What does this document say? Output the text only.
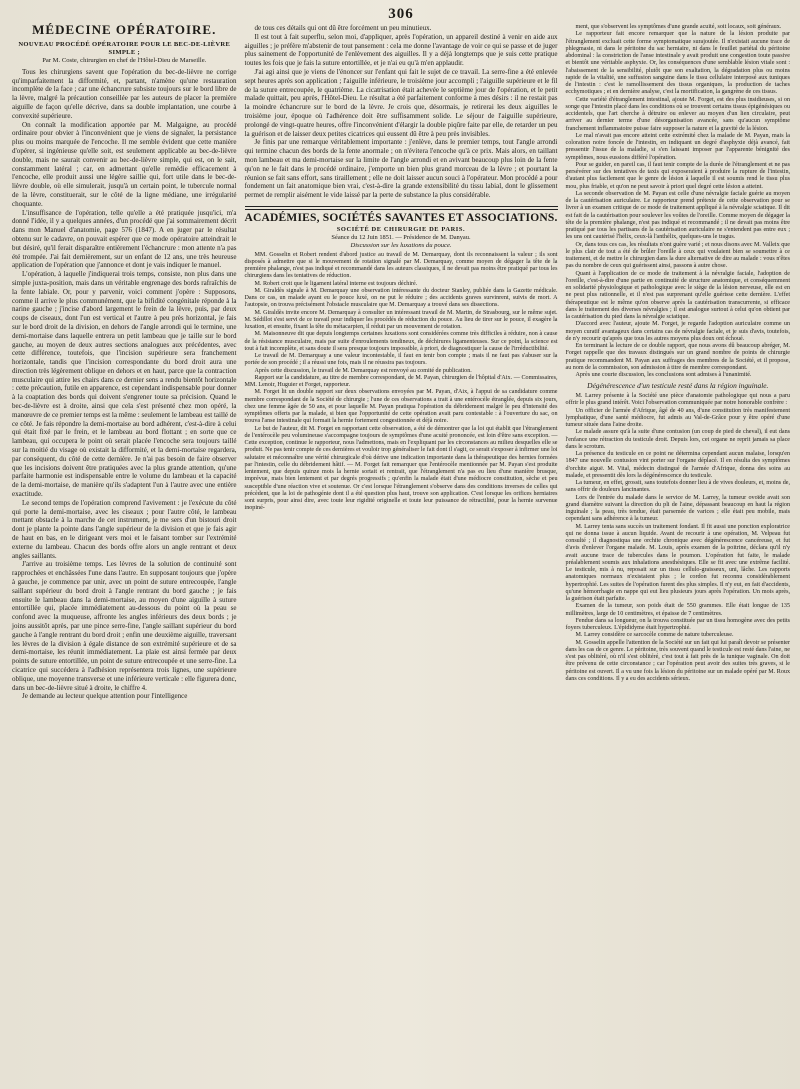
306
MÉDECINE OPÉRATOIRE.
NOUVEAU PROCÉDÉ OPÉRATOIRE POUR LE BEC-DE-LIÈVRE SIMPLE ;
Par M. Coste, chirurgien en chef de l'Hôtel-Dieu de Marseille.

Tous les chirurgiens savent que l'opération du bec-de-lièvre ne corrige qu'imparfaitement la difformité, et, partant, n'amène qu'une restauration incomplète de la face ; car une échancrure subsiste toujours sur le bord libre de la lèvre, malgré la précaution conseillée par les auteurs de placer la première aiguille de façon qu'elle décrive, dans sa double implantation, une courbe à convexité supérieure.

On connaît la modification apportée par M. Malgaigne, au procédé ordinaire pour obvier à l'inconvénient que je viens de signaler, la persistance plus ou moins marquée de l'encoche. Il me semble évident que cette manière d'opérer, si ingénieuse qu'elle soit, est seulement applicable au bec-de-lièvre double, mais ne saurait convenir au bec-de-lièvre simple, qui est, on le sait, constamment latéral ; car, en admettant qu'elle remédie efficacement à l'encoche, elle produit aussi une légère saillie qui, fort utile dans le bec-de-lièvre double, où elle simulerait, jusqu'à un certain point, le tubercule normal de la lèvre, constituerait, sur le côté de la ligne médiane, une irrégularité choquante.

L'insuffisance de l'opération, telle qu'elle a été pratiquée jusqu'ici, m'a donné l'idée, il y a quelques années, d'un procédé que j'ai sommairement décrit dans mon Manuel d'anatomie, page 576 (1847). A en juger par le résultat obtenu sur le cadavre, on pouvait espérer que ce mode opératoire atteindrait le but désiré, qu'il ferait disparaître entièrement l'échancrure : mon attente n'a pas été trompée. J'ai fait dernièrement, sur un enfant de 12 ans, une très heureuse application de l'opération que j'annonce et dont je vais indiquer le manuel.

L'opération, à laquelle j'indiquerai trois temps, consiste, non plus dans une simple juxta-position, mais dans un véritable engrenage des bords rafraîchis de la fente labiale. Or, pour y parvenir, voici comment j'opère : Supposons, comme il arrive le plus communément, que la bifidité congénitale réponde à la narine gauche ; j'incise d'abord largement le frein de la lèvre, puis, par deux coups de ciseaux, dont l'un est vertical et l'autre à peu près horizontal, je fais sur le bord droit de la division, en dehors de l'angle arrondi qui le termine, une demi-mortaise dans laquelle entrera un petit lambeau que je taille sur le bord gauche, au moyen de deux autres sections analogues aux précédentes, avec cette différence, toutefois, que l'incision supérieure sera franchement horizontale, tandis que l'incision correspondante du bord droit aura une direction très légèrement oblique en dehors et en haut, parce que la contraction musculaire qui attire les chairs dans ce dernier sens a rendu bientôt horizontale : cette précaution, futile en apparence, est cependant indispensable pour donner à la coaptation des bords qui doivent s'engrener toute sa précision. Quand le bec-de-lièvre est à droite, ainsi que cela s'est présenté chez mon opéré, la manœuvre de ce premier temps est la même : seulement le lambeau est taillé de ce côté. Je fais répondre la demi-mortaise au bord adhérent, c'est-à-dire à celui qui était fixé par le frein, et le lambeau au bord flottant ; en sorte que ce lambeau, qui occupera le point où serait placée l'encoche sera toujours taillé sur la moitié du visage où existait la difformité, et la demi-mortaise regardera, par conséquent, du côté de cette dernière. Je n'ai pas besoin de faire observer que les incisions doivent être pratiquées avec la plus grande attention, qu'une parfaite harmonie est indispensable entre le volume du lambeau et la capacité de la demi-mortaise, de manière qu'ils s'adaptent l'un à l'autre avec une entière exactitude.

Le second temps de l'opération comprend l'avivement : je l'exécute du côté qui porte la demi-mortaise, avec les ciseaux ; pour l'autre côté, le lambeau mettant obstacle à la marche de cet instrument, je me sers d'un bistouri droit dont je plante la pointe dans l'angle supérieur de la division et que je fais agir de haut en bas, en le dirigeant vers moi et le faisant tomber sur l'extrémité externe du lambeau. Chacun des bords offre alors un angle rentrant et deux angles saillants.

J'arrive au troisième temps. Les lèvres de la solution de continuité sont rapprochées et enchâssées l'une dans l'autre. En supposant toujours que j'opère à gauche, je commence par unir, avec un point de suture entrecoupée, l'angle saillant supérieur du bord droit à l'angle rentrant du bord gauche ; je fais ensuite le lambeau dans la demi-mortaise, au moyen d'une aiguille à suture entortillée qui, placée immédiatement au-dessous du point où la peau se confond avec la muqueuse, affronte les angles inférieurs des deux bords ; je joins aussitôt après, par une pince serre-fine, l'angle saillant supérieur du bord gauche à l'angle rentrant du bord droit ; enfin une deuxième aiguille, traversant les lèvres de la division à égale distance de son extrémité supérieure et de sa demi-mortaise, les réunit immédiatement. La plaie est ainsi fermée par deux points de suture entortillée, un point de suture entrecoupée et une serre-fine. La cicatrice qui succédera à l'adhésion représentera trois lignes, une supérieure oblique, une moyenne transverse et une inférieure verticale : elle figurera donc, dans un bec-de-lièvre situé à droite, le chiffre 4.

Je demande au lecteur quelque attention pour l'intelligence

de tous ces détails qui ont dû être forcément un peu minutieux.

Il est tout à fait superflu, selon moi, d'appliquer, après l'opération, un appareil destiné à venir en aide aux aiguilles ; je préfère m'abstenir de tout pansement : cela me donne l'avantage de voir ce qui se passe et de juger plus sainement de l'opportunité de l'enlèvement des aiguilles. Il y a déjà longtemps que je suis cette pratique toutes les fois que je fais la suture entortillée, et je n'ai eu qu'à m'en applaudir.

J'ai agi ainsi que je viens de l'énoncer sur l'enfant qui fait le sujet de ce travail. La serre-fine a été enlevée sept heures après son application ; l'aiguille inférieure, le troisième jour accompli ; l'aiguille supérieure et le fil de la suture entrecoupée, le quatrième. La cicatrisation était achevée le septième jour de l'opération, et le petit malade quittait, peu après, l'Hôtel-Dieu. Le résultat a été parfaitement conforme à mes désirs : il ne restait pas la moindre échancrure sur le bord de la lèvre. Je crois que, désormais, je retirerai les deux aiguilles le troisième jour, époque où l'adhérence doit être suffisamment solide. Le séjour de l'aiguille supérieure, prolongé de vingt-quatre heures, offre l'inconvénient d'élargir la double piqûre faite par elle, de retarder un peu la guérison et de laisser deux petites cicatrices qui eussent dû être à peu près invisibles.

Je finis par une remarque véritablement importante : j'enlève, dans le premier temps, tout l'angle arrondi qui termine chacun des bords de la fente anormale ; on n'évitera l'encoche qu'à ce prix. Mais alors, en taillant mon lambeau et ma demi-mortaise sur la limite de l'angle arrondi et en avivant beaucoup plus loin de la fente qu'on ne le fait dans le procédé ordinaire, j'emporte un bien plus grand morceau de la lèvre ; et pourtant la réunion se fait sans effort, sans tiraillement ; elle ne doit laisser aucun souci à l'opérateur. Mon procédé a pour fondement un fait anatomique bien vrai, c'est-à-dire la grande extensibilité du tissu labial, dont le glissement permet de remplir aisément le vide laissé par la perte de substance la plus considérable.

ACADÉMIES, SOCIÉTÉS SAVANTES ET ASSOCIATIONS.
SOCIÉTÉ DE CHIRURGIE DE PARIS.
Séance du 12 Juin 1851. — Présidence de M. Danyau.
Discussion sur les luxations du pouce.

MM. Gosselin et Robert rendent d'abord justice au travail de M. Demarquay, dont ils reconnaissent la valeur ; ils sont disposés à admettre que si le mouvement de rotation signalé par M. Demarquay, comme moyen de dégager la tête de la première phalange, n'est pas indiqué et recommandé dans les auteurs classiques, il ne devait pas moins être pratiqué par tous les chirurgiens dans les tentatives de réduction.

M. Robert croit que le ligament latéral interne est toujours déchiré.

M. Giraldès signale à M. Demarquay une observation intéressante du docteur Stanley, publiée dans la Gazette médicale. Dans ce cas, un malade ayant eu le pouce luxé, on ne put le réduire ; des accidents graves survinrent, suivis de mort. A l'autopsie, on trouva précisément l'obstacle musculaire que M. Demarquay a trouvé dans ses dissections.

M. Giraldès invite encore M. Demarquay à consulter un intéressant travail de M. Martin, de Strasbourg, sur le même sujet. M. Sédillot s'est servi de ce travail pour indiquer les procédés de réduction du pouce. Au lieu de tirer sur le pouce, il exagère la luxation, et ensuite, fixant la tête du métacarpien, il réduit par un mouvement de rotation.

M. Maisonneuve dit que depuis longtemps certaines luxations sont considérées comme très difficiles à réduire, non à cause de la résistance musculaire, mais par suite d'enroulements tendineux, de déchirures ligamenteuses. Sur ce point, la science est tout à fait incomplète, et sans doute il sera presque toujours impossible, à priori, de diagnostiquer la cause de l'irréductibilité.

Le travail de M. Demarquay a une valeur incontestable, il faut en tenir bon compte ; mais il ne faut pas s'abuser sur la portée de son procédé ; il a réussi une fois, mais il ne réussira pas toujours.

Après cette discussion, le travail de M. Demarquay est renvoyé au comité de publication.

Rapport sur la candidature, au titre de membre correspondant, de M. Payan, chirurgien de l'hôpital d'Aix. — Commissaires, MM. Lenoir, Huguier et Forget, rapporteur.

M. Forget lit un double rapport sur deux observations envoyées par M. Payan, d'Aix, à l'appui de sa candidature comme membre correspondant de la Société de chirurgie ; l'une de ces observations a trait à une entérocèle étranglée, depuis six jours, chez une femme âgée de 50 ans, et pour laquelle M. Payan pratiqua l'opération du débridement malgré le peu d'intensité des symptômes offerts par la malade, si bien que l'opportunité de cette opération avait paru contestable : à l'ouverture du sac, on trouva l'anse intestinale qui formait la hernie fortement congestionnée et déjà noire.

Le but de l'auteur, dit M. Forget en rapportant cette observation, a été de démontrer que la loi qui établit que l'étranglement de l'entérocèle peu volumineuse s'accompagne toujours de symptômes d'une acuité prononcée, est loin d'être sans exception. — Cette exception, continue le rapporteur, nous l'admettons, mais en l'expliquant par les circonstances au milieu desquelles elle se produit. Ne pas tenir compte de ces dernières et vouloir trop généraliser le fait dont il s'agit, ce serait s'exposer à infirmer une loi salutaire et méconnaître une vérité chirurgicale d'où dérive une indication importante dans la thérapeutique des hernies formées par l'intestin, celle du débridement hâtif. — M. Forget fait remarquer que l'entérocèle mentionnée par M. Payan s'est produite lentement, que depuis quinze mois la hernie sortait et rentrait, que l'étranglement n'a pas eu lieu d'une manière brusque, imprévue, mais bien lentement et par degrés progressifs ; qu'enfin la malade était d'une médiocre constitution, sèche et peu susceptible d'une réaction vive et soutenue. Or c'est lorsque l'étranglement s'observe dans des conditions inverses de celles qui précèdent, que la loi de pathogénie dont il a été question plus haut, trouve son application. C'est lorsque les orifices herniaires sont surpris, pour ainsi dire, avec toute leur rigidité originelle et toute leur puissance de rétractilité, pour la hernie survenue inopiné-

ment, que s'observent les symptômes d'une grande acuité, soit locaux, soit généraux.

Le rapporteur fait encore remarquer que la nature de la lésion produite par l'étranglement excluait cette forme symptomatique surajoutée. Il n'existait aucune trace de phlegmasie, ni dans le péritoine du sac herniaire, ni dans le feuillet pariétal du péritoine abdominal : la constriction de l'anse intestinale y avait produit une congestion toute passive et bientôt une véritable asphyxie. Or, les conséquences d'une semblable lésion vitale sont : l'abaissement de la sensibilité, plutôt que son exaltation, la dégradation plus ou moins rapide de la vitalité, une suffusion sanguine dans le tissu cellulaire interposé aux tuniques de l'intestin : c'est le ramollissement des tissus organiques, la production de taches ecchymotiques ; et en dernière analyse, c'est la mortification, la gangrène de ces tissus.

Cette variété d'étranglement intestinal, ajoute M. Forget, est des plus insidieuses, si on songe que l'intestin placé dans les conditions où se trouvent certains tissus épigénésiques ou accidentels, que l'art cherche à détruire ou enlever au moyen d'un lien circulaire, peut arriver au dernier terme d'une désorganisation avancée, sans qu'aucun symptôme franchement inflammatoire puisse faire supposer la nature et la gravité de la lésion.

Le mal n'avait pas encore atteint cette extrémité chez la malade de M. Payan, mais la coloration noire foncée de l'intestin, en indiquant un degré d'asphyxie déjà avancé, fait pressentir l'issue de la maladie, si s'en laissant imposer par l'apparente bénignité des symptômes, nous eussions différé l'opération.

Pour se guider, en pareil cas, il faut tenir compte de la durée de l'étranglement et ne pas persévérer sur des tentatives de taxis qui exposeraient à produire la rupture de l'intestin, d'autant plus facilement que le genre de lésion à laquelle il est soumis rend le tissu plus mou, plus friable, et qu'on ne peut savoir à priori quel degré cette lésion a atteint.

La seconde observation de M. Payan est celle d'une névralgie faciale guérie au moyen de la cautérisation auriculaire. Le rapporteur prend prétexte de cette observation pour se livrer à un examen critique de ce mode de traitement appliqué à la névralgie sciatique. Il dit est fait de la cautérisation pour soulever les voûtes de l'oreille. Comme moyen de dégager la tête de la première phalange, n'est pas indiqué et recommandé ; il ne devait pas moins être pratiqué par tous les partisans de la cautérisation auriculaire ne s'entendent pas entre eux ; les uns ont cautérisé l'hélix, ceux-là l'anthélix, quelques-uns le tragus.

Or, dans tous ces cas, les résultats n'ont guère varié ; et nous disons avec M. Valleix que le plus clair de tout a été de brûler l'oreille à ceux qui voulaient bien se soumettre à ce traitement, et de mettre le chirurgien dans la dure alternative de dire au malade : vous n'êtes pas du nombre de ceux qui guérissent ainsi, passons à autre chose.

Quant à l'application de ce mode de traitement à la névralgie faciale, l'adoption de l'oreille, c'est-à-dire d'une partie en continuité de structure anatomique, et conséquemment en solidarité physiologique et pathologique avec le siège de la lésion nerveuse, elle est en ne peut plus rationnelle, et il n'est pas surprenant qu'elle guérisse cette dernière. L'effet thérapeutique est le même qu'on observe après la cautérisation transcurrente, si efficace dans le traitement des diverses névralgies ; il est analogue surtout à celui qu'on obtient par la cautérisation du pied dans la névralgie sciatique.

D'accord avec l'auteur, ajoute M. Forget, je regarde l'adoption auriculaire comme un moyen curatif avantageux dans certains cas de névralgie faciale, et je suis d'avis, toutefois, de n'y recourir qu'après que tous les autres moyens plus doux ont échoué.

En terminant la lecture de ce double rapport, que nous avons dû beaucoup abréger, M. Forget rappelle que des travaux distingués sur un grand nombre de points de chirurgie pratique recommandent M. Payan aux suffrages des membres de la Société, et il propose, au nom de la commission, son admission à titre de membre correspondant.

Après une courte discussion, les conclusions sont admises à l'unanimité.

Dégénérescence d'un testicule resté dans la région inguinale.

M. Larrey présente à la Société une pièce d'anatomie pathologique qui nous a paru offrir le plus grand intérêt. Voici l'observation communiquée par notre honorable confrère :

Un officier de l'armée d'Afrique, âgé de 40 ans, d'une constitution très manifestement lymphatique, d'une santé médiocre, fut admis au Val-de-Grâce pour y être opéré d'une tumeur située dans l'aine droite.

Le malade assure qu'à la suite d'une contusion (un coup de pied de cheval), il eut dans l'enfance une rétraction du testicule droit. Depuis lors, cet organe ne reprit jamais sa place dans le scrotum.

La présence du testicule en ce point ne détermina cependant aucun malaise, lorsqu'en 1847 une nouvelle contusion vint porter sur l'organe déplacé. Il en résulta des symptômes d'orchite aiguë. M. Vital, médecin distingué de l'armée d'Afrique, donna des soins au malade, et pressentit dès lors la dégénérescence du testicule.

La tumeur, en effet, grossit, sans toutefois donner lieu à de vives douleurs, et, moins de, sans offrir de douleurs lancinantes.

Lors de l'entrée du malade dans le service de M. Larrey, la tumeur ovoïde avait son grand diamètre suivant la direction du pli de l'aine, dépassant beaucoup en haut la région inguinale ; la peau, très tendue, était parsemée de varices ; elle était peu mobile, mais cependant sans adhérence à la tumeur.

M. Larrey tenta sans succès un traitement fondant. Il fit aussi une ponction exploratrice qui ne donna issue à aucun liquide. Avant de recourir à une opération, M. Velpeau fut consulté ; il diagnostiqua une orchite chronique avec dégénérescence cancéreuse, et fut d'avis d'enlever l'organe malade. M. Louis, après examen de la poitrine, déclara qu'il n'y avait aucune trace de tubercules dans le poumon. L'opération fut faite, le malade préalablement soumis aux inhalations anesthésiques. Elle se fit avec une extrême facilité. Le testicule, mis à nu, reposait sur un tissu cellulo-graisseux, uni, lâche. Les rapports anatomiques normaux n'existaient plus ; le cordon fut reconnu considérablement hypertrophié. Les suites de l'opération furent des plus simples. Il n'y eut, en fait d'accidents, qu'une hémorrhagie en nappe qui eut lieu plusieurs jours après l'opération. Un mois après, la guérison était parfaite.

Examen de la tumeur, son poids était de 550 grammes. Elle était longue de 135 millimètres, large de 10 centimètres, et épaisse de 7 centimètres.

Fendue dans sa longueur, on la trouva constituée par un tissu homogène avec des petits foyers tuberculeux. L'épididyme était hypertrophié.

M. Larrey considère ce sarcocèle comme de nature tuberculeuse.

M. Gosselin appelle l'attention de la Société sur un fait qui lui paraît devoir se présenter dans les cas de ce genre. Le péritoine, très souvent quand le testicule est resté dans l'aine, ne s'est pas oblitéré, où n'il s'est oblitéré, c'est tout à fait près de la tunique vaginale. On doit être prévenu de cette circonstance ; car l'opération peut avoir des suites très graves, si le péritoine est ouvert. Il a vu une fois la lésion du péritoine sur un malade opéré par M. Roux dans ces conditions. Il y a eu des accidents sérieux.
